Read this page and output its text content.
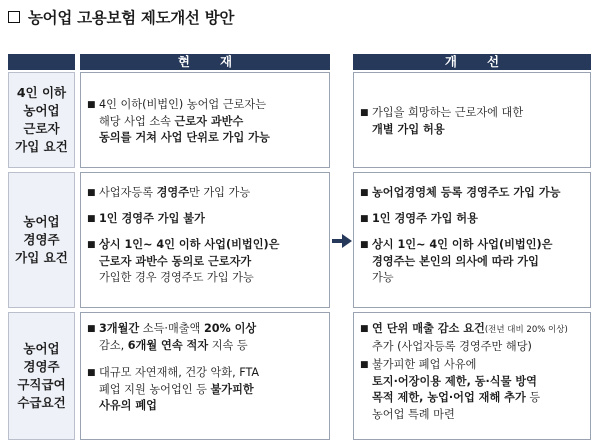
농어업 고용보험 제도개선 방안
현재	개선
4인 이하
농어업
근로자
가입 요건
■ 4인 이하(비법인) 농어업 근로자는
해당 사업 소속 근로자 과반수
동의를 거쳐 사업 단위로 가입 가능
■ 가입을 희망하는 근로자에 대한
개별 가입 허용
농어업
경영주
가입 요건
■ 사업자등록 경영주만 가입 가능
■ 1인 경영주 가입 불가
■ 상시 1인~ 4인 이하 사업(비법인)은
근로자 과반수 동의로 근로자가
가입한 경우 경영주도 가입 가능
■ 농어업경영체 등록 경영주도 가입 가능
■ 1인 경영주 가입 허용
■ 상시 1인~ 4인 이하 사업(비법인)은
경영주는 본인의 의사에 따라 가입
가능
농어업
경영주
구직급여
수급요건
■ 3개월간 소득·매출액 20% 이상
감소, 6개월 연속 적자 지속 등
■ 대규모 자연재해, 건강 악화, FTA
폐업 지원 농어업인 등 불가피한
사유의 폐업
■ 연 단위 매출 감소 요건(전년 대비 20% 이상)
추가 (사업자등록 경영주만 해당)
■ 불가피한 폐업 사유에
토지·어장이용 제한, 동·식물 방역
목적 제한, 농업·어업 재해 추가 등
농어업 특례 마련
